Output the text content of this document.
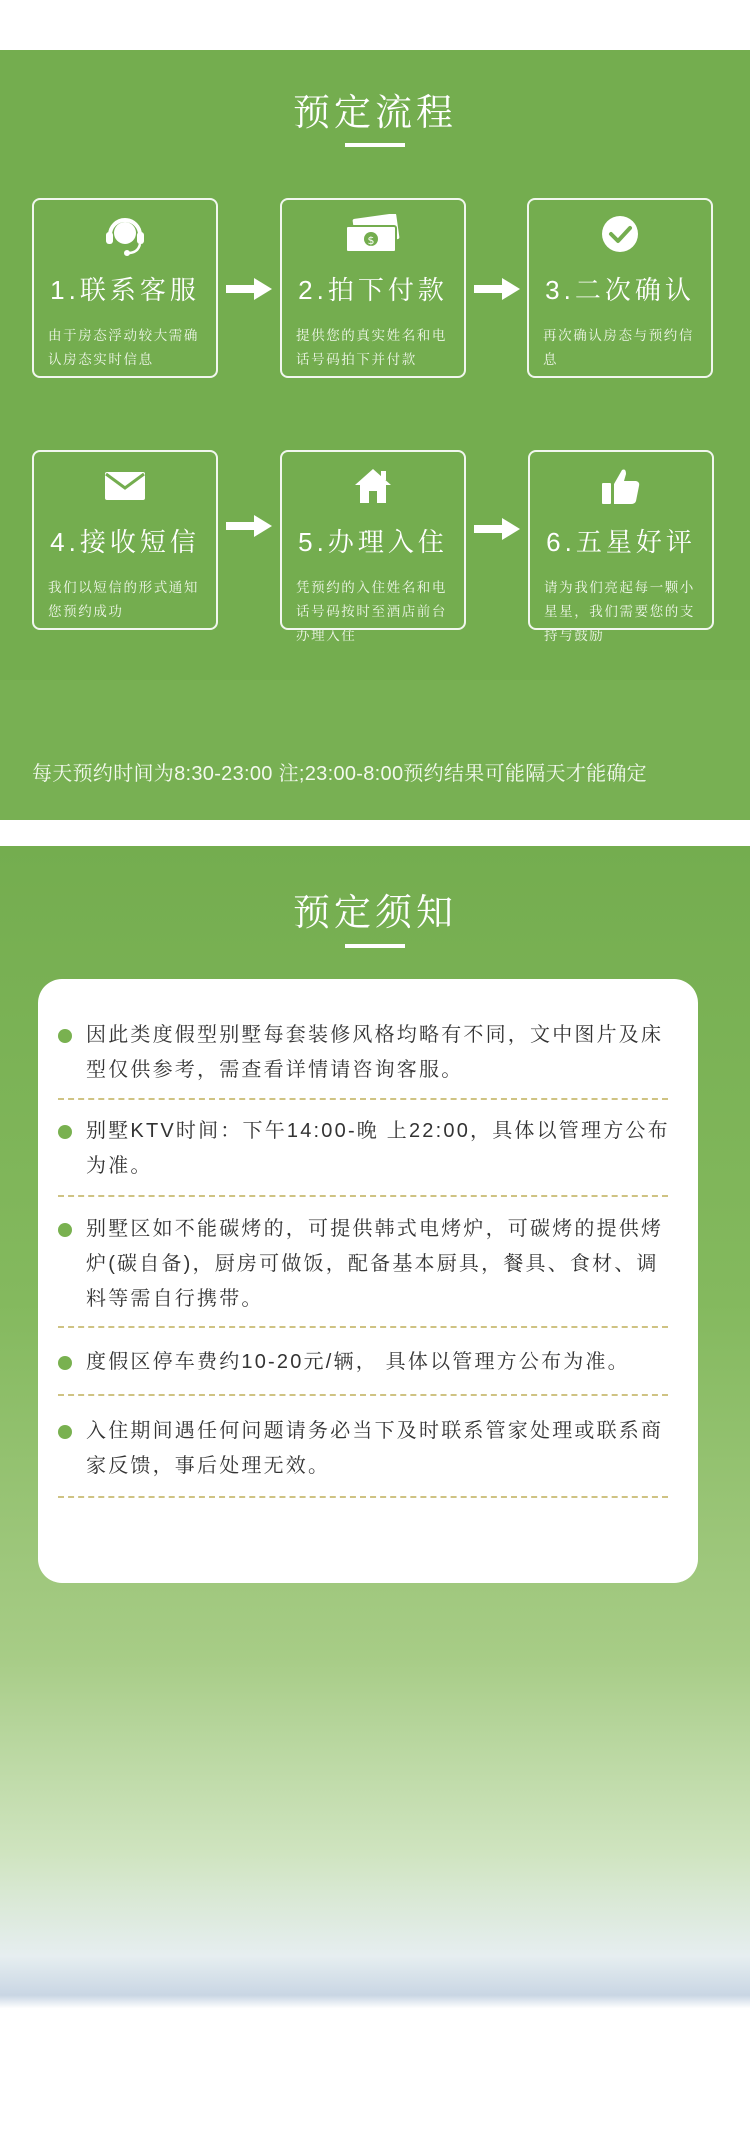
预定流程
1.联系客服
由于房态浮动较大需确认房态实时信息
$
2.拍下付款
提供您的真实姓名和电话号码拍下并付款
3.二次确认
再次确认房态与预约信息
4.接收短信
我们以短信的形式通知您预约成功
5.办理入住
凭预约的入住姓名和电话号码按时至酒店前台办理入住
6.五星好评
请为我们亮起每一颗小星星，我们需要您的支持与鼓励
每天预约时间为8:30-23:00 注;23:00-8:00预约结果可能隔天才能确定
预定须知
因此类度假型别墅每套装修风格均略有不同，文中图片及床型仅供参考，需查看详情请咨询客服。
别墅KTV时间：下午14:00-晚 上22:00，具体以管理方公布为准。
别墅区如不能碳烤的，可提供韩式电烤炉，可碳烤的提供烤炉(碳自备)，厨房可做饭，配备基本厨具，餐具、食材、调料等需自行携带。
度假区停车费约10-20元/辆， 具体以管理方公布为准。
入住期间遇任何问题请务必当下及时联系管家处理或联系商家反馈，事后处理无效。
